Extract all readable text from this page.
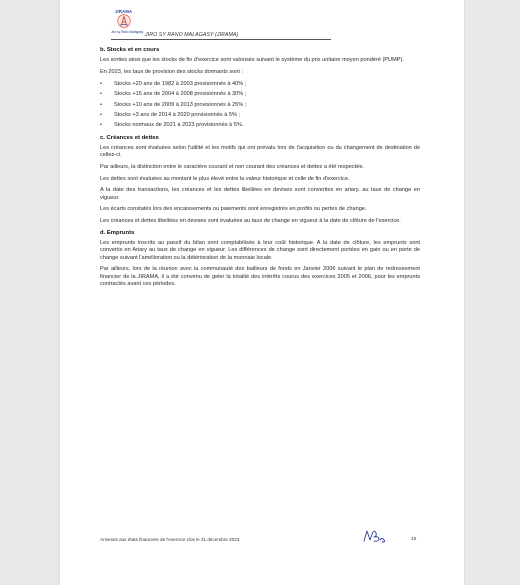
JIRAMA
Jiro sy Rano Malagasy JIRO SY RANO MALAGASY (JIRAMA)
b. Stocks et en cours

Les sorties ainsi que les stocks de fin d'exercice sont valorisés suivant le système du prix unitaire moyen pondéré (PUMP).

En 2023, les taux de provision des stocks dormants sont :

• Stocks +20 ans de 1982 à 2003 provisionnés à 40% ;
• Stocks +15 ans de 2004 à 2008 provisionnés à 30% ;
• Stocks +10 ans de 2009 à 2013 provisionnés à 25% ;
• Stocks +3 ans de 2014 à 2020 provisionnés à 5% ;
• Stocks normaux de 2021 à 2023 provisionnés à 5%.
c. Créances et dettes

Les créances sont évaluées selon l'utilité et les motifs qui ont prévalu lors de l'acquisition ou du changement de destination de celles-ci.

Par ailleurs, la distinction entre le caractère courant et non courant des créances et dettes a été respectée.

Les dettes sont évaluées au montant le plus élevé entre la valeur historique et celle de fin d'exercice.

A la date des transactions, les créances et les dettes libellées en devises sont converties en ariary, au taux de change en vigueur.

Les écarts constatés lors des encaissements ou paiements sont enregistrés en profits ou pertes de change.

Les créances et dettes libellées en devises sont évaluées au taux de change en vigueur à la date de clôture de l'exercice.

d. Emprunts

Les emprunts inscrits au passif du bilan sont comptabilisés à leur coût historique. A la date de clôture, les emprunts sont convertis en Ariary au taux de change en vigueur. Les différences de change sont directement portées en gain ou en perte de change suivant l'amélioration ou la détérioration de la monnaie locale.

Par ailleurs, lors de la réunion avec la communauté des bailleurs de fonds en Janvier 2006 suivant le plan de redressement financier de la JIRAMA, il a été convenu de geler la totalité des intérêts courus des exercices 2005 et 2006, pour les emprunts contractés avant ces périodes.

Annexes aux états financiers de l'exercice clos le 31 décembre 2023	10
